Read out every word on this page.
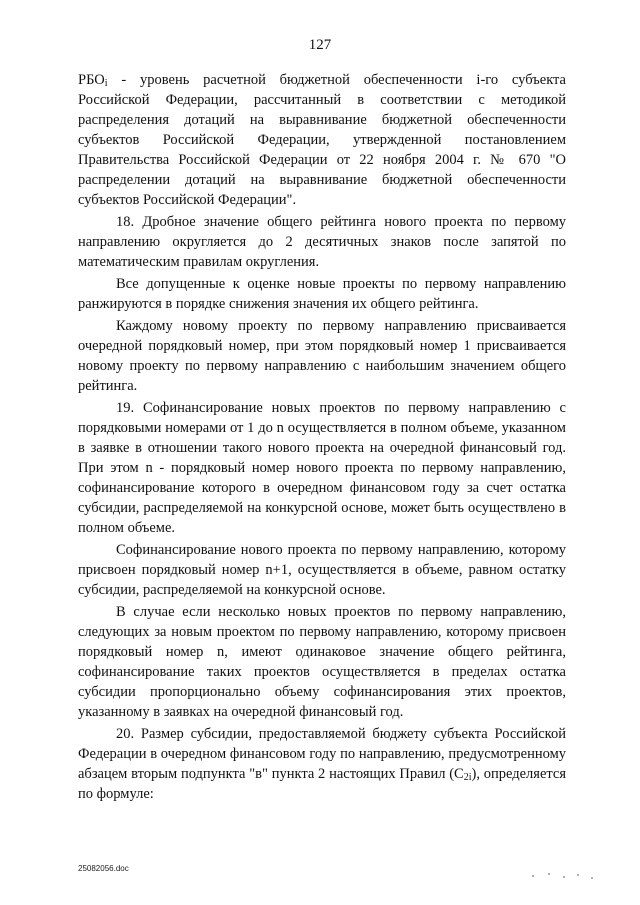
127

$РБО_i$ - уровень расчетной бюджетной обеспеченности i-го субъекта Российской Федерации, рассчитанный в соответствии с методикой распределения дотаций на выравнивание бюджетной обеспеченности субъектов Российской Федерации, утвержденной постановлением Правительства Российской Федерации от 22 ноября 2004 г. № 670 "О распределении дотаций на выравнивание бюджетной обеспеченности субъектов Российской Федерации".

18. Дробное значение общего рейтинга нового проекта по первому направлению округляется до 2 десятичных знаков после запятой по математическим правилам округления.

Все допущенные к оценке новые проекты по первому направлению ранжируются в порядке снижения значения их общего рейтинга.

Каждому новому проекту по первому направлению присваивается очередной порядковый номер, при этом порядковый номер 1 присваивается новому проекту по первому направлению с наибольшим значением общего рейтинга.

19. Софинансирование новых проектов по первому направлению с порядковыми номерами от 1 до n осуществляется в полном объеме, указанном в заявке в отношении такого нового проекта на очередной финансовый год. При этом n - порядковый номер нового проекта по первому направлению, софинансирование которого в очередном финансовом году за счет остатка субсидии, распределяемой на конкурсной основе, может быть осуществлено в полном объеме.

Софинансирование нового проекта по первому направлению, которому присвоен порядковый номер n+1, осуществляется в объеме, равном остатку субсидии, распределяемой на конкурсной основе.

В случае если несколько новых проектов по первому направлению, следующих за новым проектом по первому направлению, которому присвоен порядковый номер n, имеют одинаковое значение общего рейтинга, софинансирование таких проектов осуществляется в пределах остатка субсидии пропорционально объему софинансирования этих проектов, указанному в заявках на очередной финансовый год.

20. Размер субсидии, предоставляемой бюджету субъекта Российской Федерации в очередном финансовом году по направлению, предусмотренному абзацем вторым подпункта "в" пункта 2 настоящих Правил $(С_{2i})$, определяется по формуле:

25082056.doc
